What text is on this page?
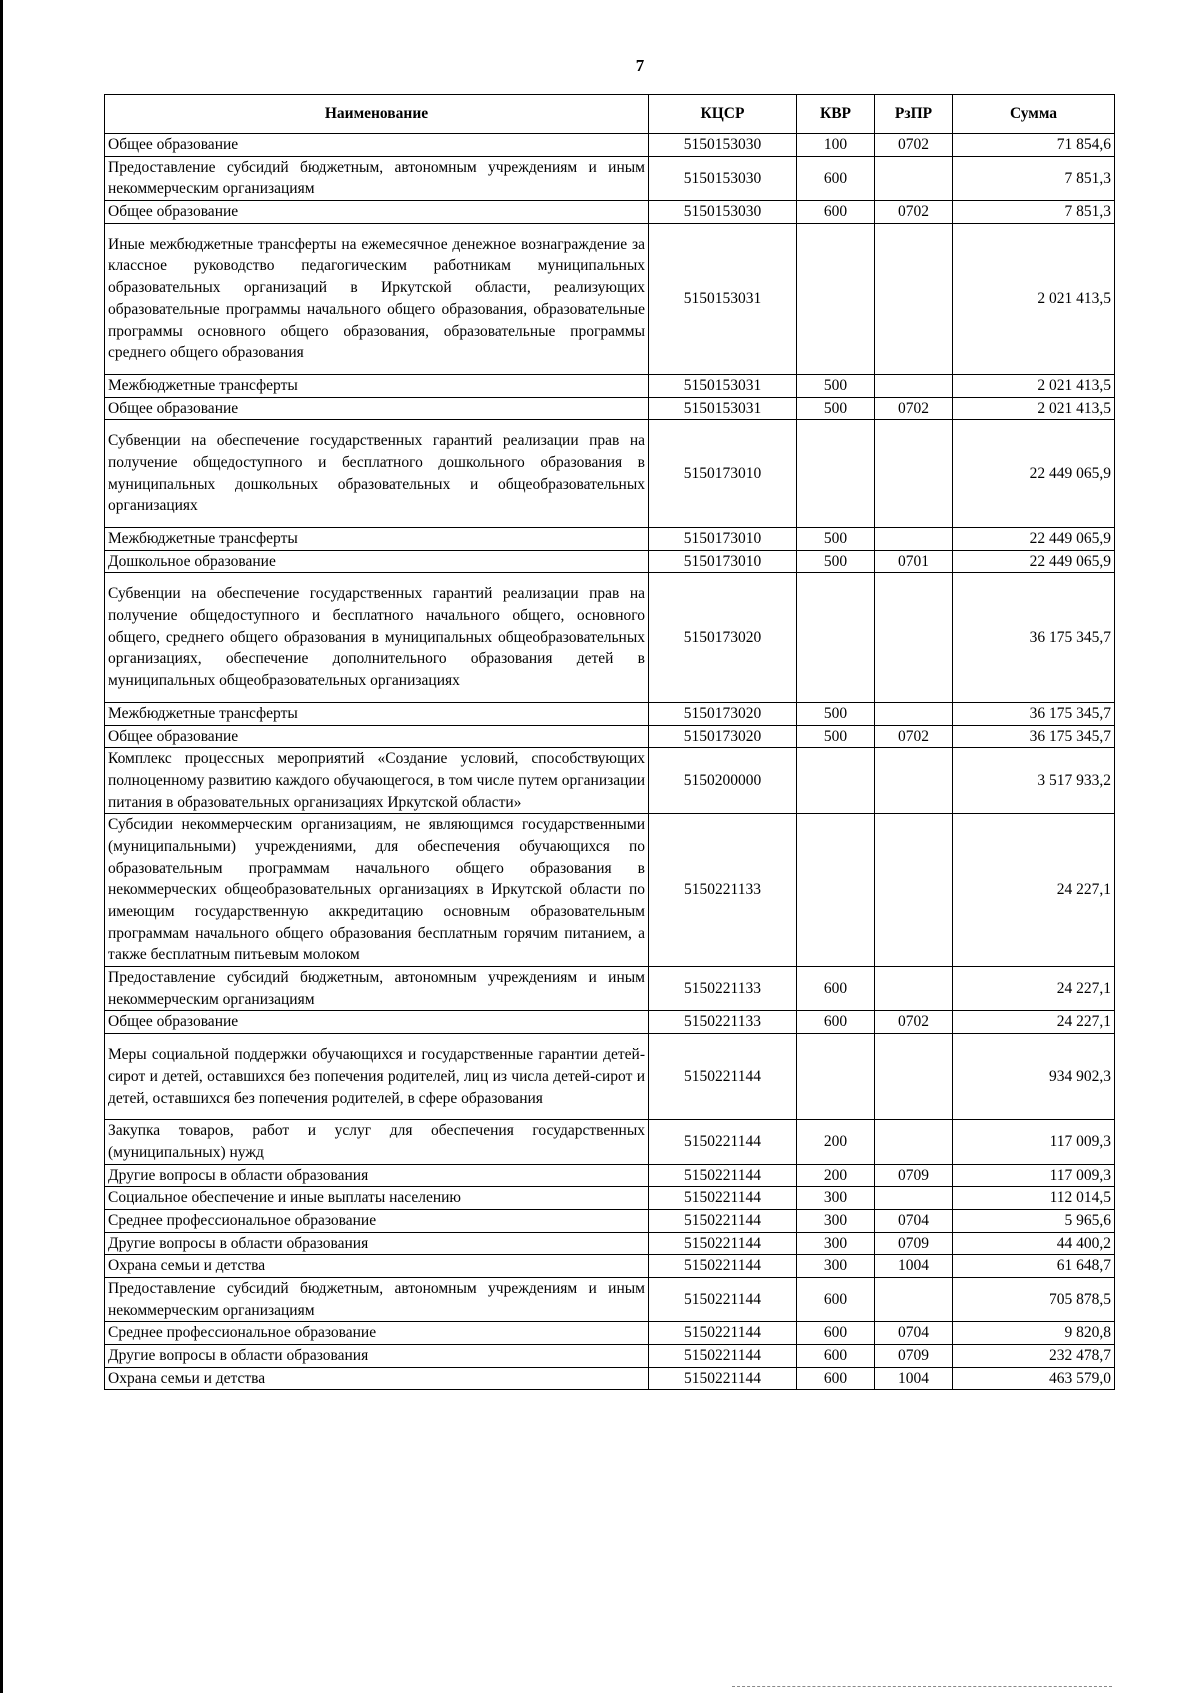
7
Наименование	КЦСР	КВР	РзПР	Сумма
Общее образование	5150153030	100	0702	71 854,6
Предоставление субсидий бюджетным, автономным учреждениям и иным некоммерческим организациям	5150153030	600		7 851,3
Общее образование	5150153030	600	0702	7 851,3
Иные межбюджетные трансферты на ежемесячное денежное вознаграждение за классное руководство педагогическим работникам муниципальных образовательных организаций в Иркутской области, реализующих образовательные программы начального общего образования, образовательные программы основного общего образования, образовательные программы среднего общего образования	5150153031			2 021 413,5
Межбюджетные трансферты	5150153031	500		2 021 413,5
Общее образование	5150153031	500	0702	2 021 413,5
Субвенции на обеспечение государственных гарантий реализации прав на получение общедоступного и бесплатного дошкольного образования в муниципальных дошкольных образовательных и общеобразовательных организациях	5150173010			22 449 065,9
Межбюджетные трансферты	5150173010	500		22 449 065,9
Дошкольное образование	5150173010	500	0701	22 449 065,9
Субвенции на обеспечение государственных гарантий реализации прав на получение общедоступного и бесплатного начального общего, основного общего, среднего общего образования в муниципальных общеобразовательных организациях, обеспечение дополнительного образования детей в муниципальных общеобразовательных организациях	5150173020			36 175 345,7
Межбюджетные трансферты	5150173020	500		36 175 345,7
Общее образование	5150173020	500	0702	36 175 345,7
Комплекс процессных мероприятий «Создание условий, способствующих полноценному развитию каждого обучающегося, в том числе путем организации питания в образовательных организациях Иркутской области»	5150200000			3 517 933,2
Субсидии некоммерческим организациям, не являющимся государственными (муниципальными) учреждениями, для обеспечения обучающихся по образовательным программам начального общего образования в некоммерческих общеобразовательных организациях в Иркутской области по имеющим государственную аккредитацию основным образовательным программам начального общего образования бесплатным горячим питанием, а также бесплатным питьевым молоком	5150221133			24 227,1
Предоставление субсидий бюджетным, автономным учреждениям и иным некоммерческим организациям	5150221133	600		24 227,1
Общее образование	5150221133	600	0702	24 227,1
Меры социальной поддержки обучающихся и государственные гарантии детей-сирот и детей, оставшихся без попечения родителей, лиц из числа детей-сирот и детей, оставшихся без попечения родителей, в сфере образования	5150221144			934 902,3
Закупка товаров, работ и услуг для обеспечения государственных (муниципальных) нужд	5150221144	200		117 009,3
Другие вопросы в области образования	5150221144	200	0709	117 009,3
Социальное обеспечение и иные выплаты населению	5150221144	300		112 014,5
Среднее профессиональное образование	5150221144	300	0704	5 965,6
Другие вопросы в области образования	5150221144	300	0709	44 400,2
Охрана семьи и детства	5150221144	300	1004	61 648,7
Предоставление субсидий бюджетным, автономным учреждениям и иным некоммерческим организациям	5150221144	600		705 878,5
Среднее профессиональное образование	5150221144	600	0704	9 820,8
Другие вопросы в области образования	5150221144	600	0709	232 478,7
Охрана семьи и детства	5150221144	600	1004	463 579,0
